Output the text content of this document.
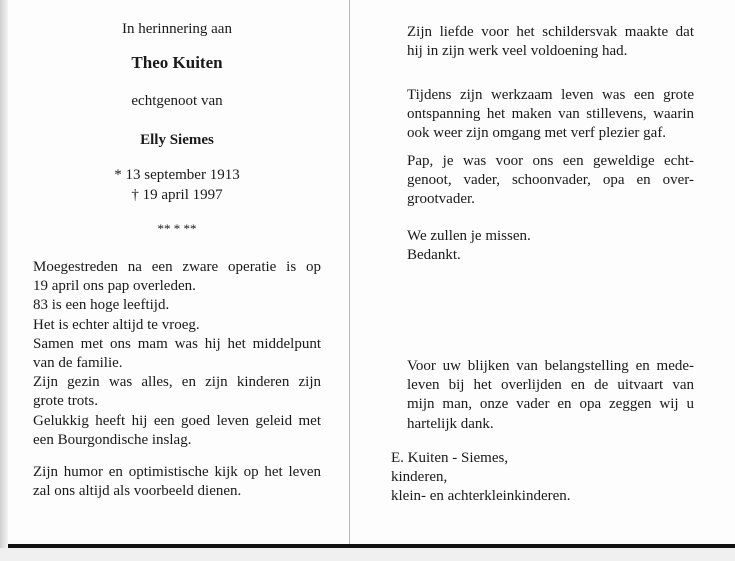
In herinnering aan
Theo Kuiten
echtgenoot van
Elly Siemes
* 13 september 1913
† 19 april 1997
** * **
Moegestreden na een zware operatie is op
19 april ons pap overleden.
83 is een hoge leeftijd.
Het is echter altijd te vroeg.
Samen met ons mam was hij het middelpunt
van de familie.
Zijn gezin was alles, en zijn kinderen zijn
grote trots.
Gelukkig heeft hij een goed leven geleid met
een Bourgondische inslag.
Zijn humor en optimistische kijk op het leven
zal ons altijd als voorbeeld dienen.
Zijn liefde voor het schildersvak maakte dat
hij in zijn werk veel voldoening had.
Tijdens zijn werkzaam leven was een grote
ontspanning het maken van stillevens, waarin
ook weer zijn omgang met verf plezier gaf.
Pap, je was voor ons een geweldige echt-
genoot, vader, schoonvader, opa en over-
grootvader.
We zullen je missen.
Bedankt.
Voor uw blijken van belangstelling en mede-
leven bij het overlijden en de uitvaart van
mijn man, onze vader en opa zeggen wij u
hartelijk dank.
E. Kuiten - Siemes,
kinderen,
klein- en achterkleinkinderen.
